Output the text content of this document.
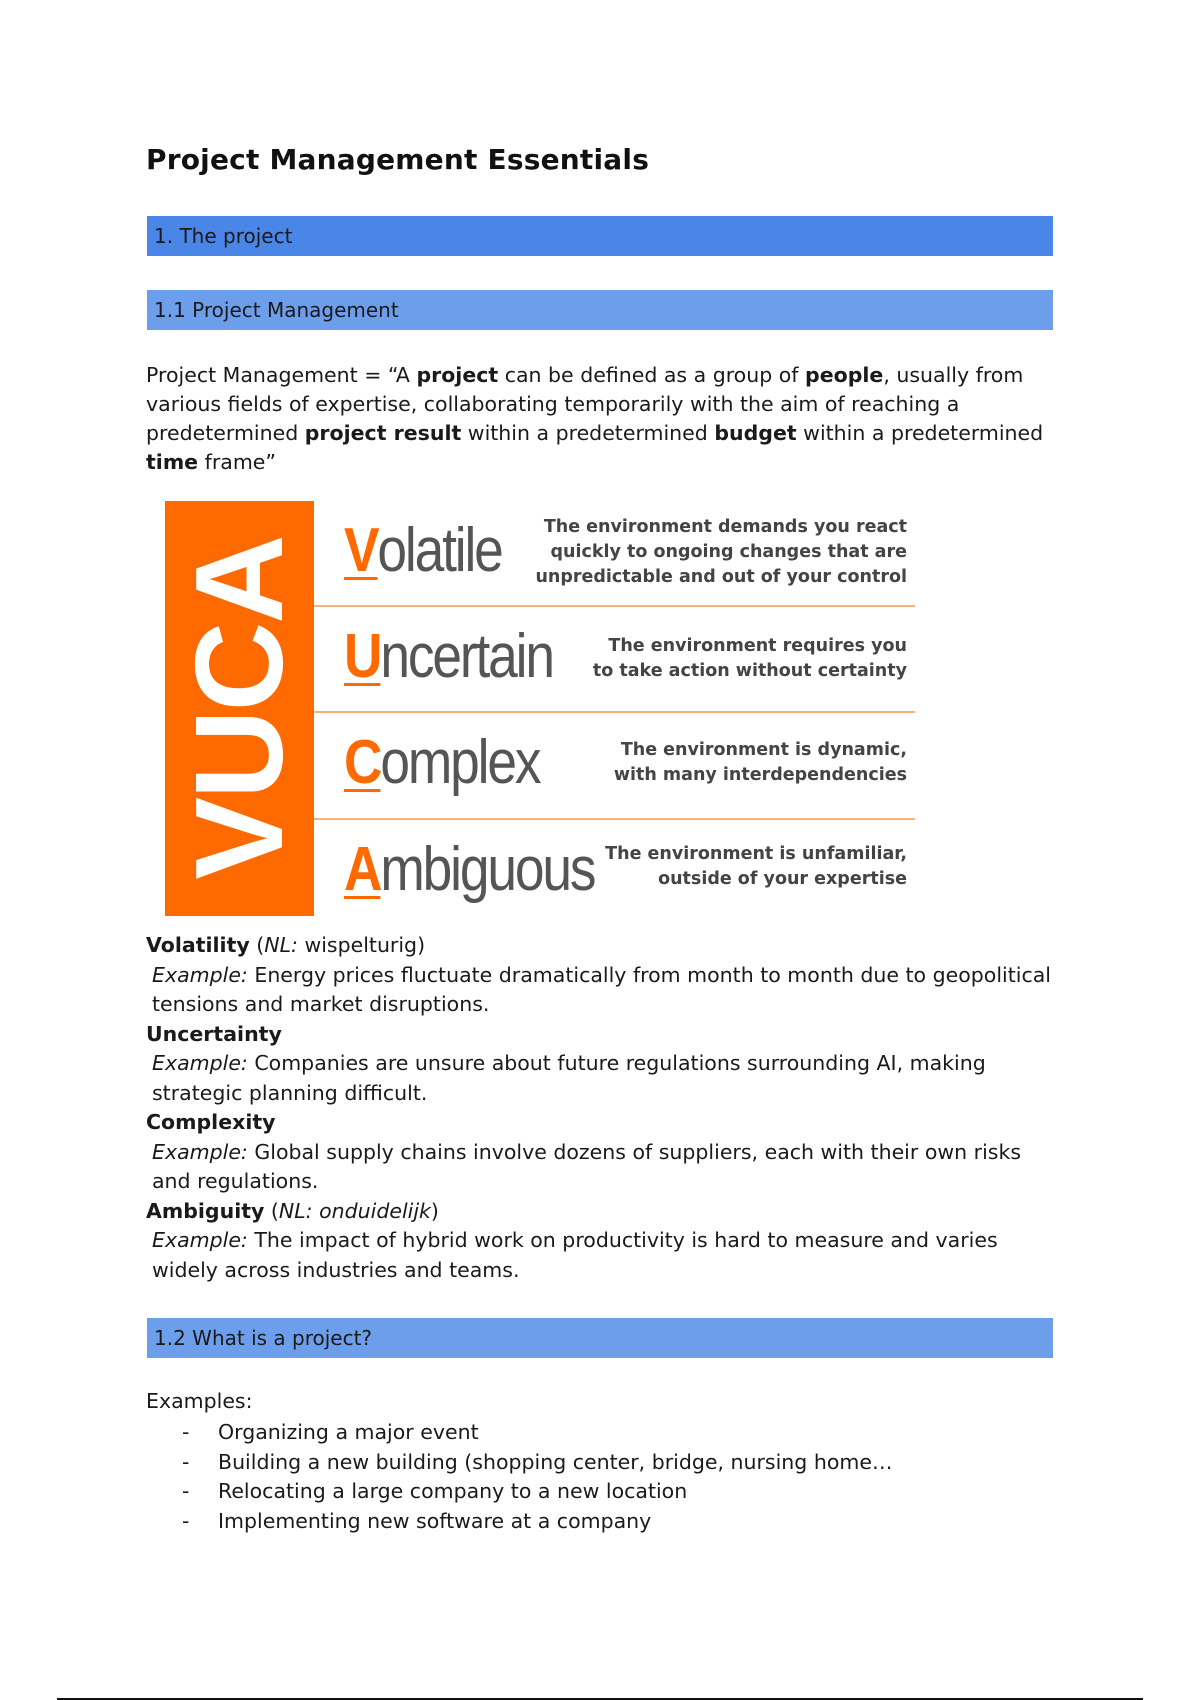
Project Management Essentials
1. The project
1.1 Project Management
Project Management = “A project can be defined as a group of people, usually from various fields of expertise, collaborating temporarily with the aim of reaching a predetermined project result within a predetermined budget within a predetermined time frame”
VUCA Volatile	The environment demands you react
quickly to ongoing changes that are
unpredictable and out of your control
Uncertain	The environment requires you
to take action without certainty
Complex	The environment is dynamic,
with many interdependencies
Ambiguous The environment is unfamiliar,
outside of your expertise
Volatility (NL: wispelturig)
Example: Energy prices fluctuate dramatically from month to month due to geopolitical tensions and market disruptions.
Uncertainty
Example: Companies are unsure about future regulations surrounding AI, making strategic planning difficult.
Complexity
Example: Global supply chains involve dozens of suppliers, each with their own risks and regulations.
Ambiguity (NL: onduidelijk)
Example: The impact of hybrid work on productivity is hard to measure and varies widely across industries and teams.
1.2 What is a project?
Examples:
- Organizing a major event
- Building a new building (shopping center, bridge, nursing home…
- Relocating a large company to a new location
- Implementing new software at a company
